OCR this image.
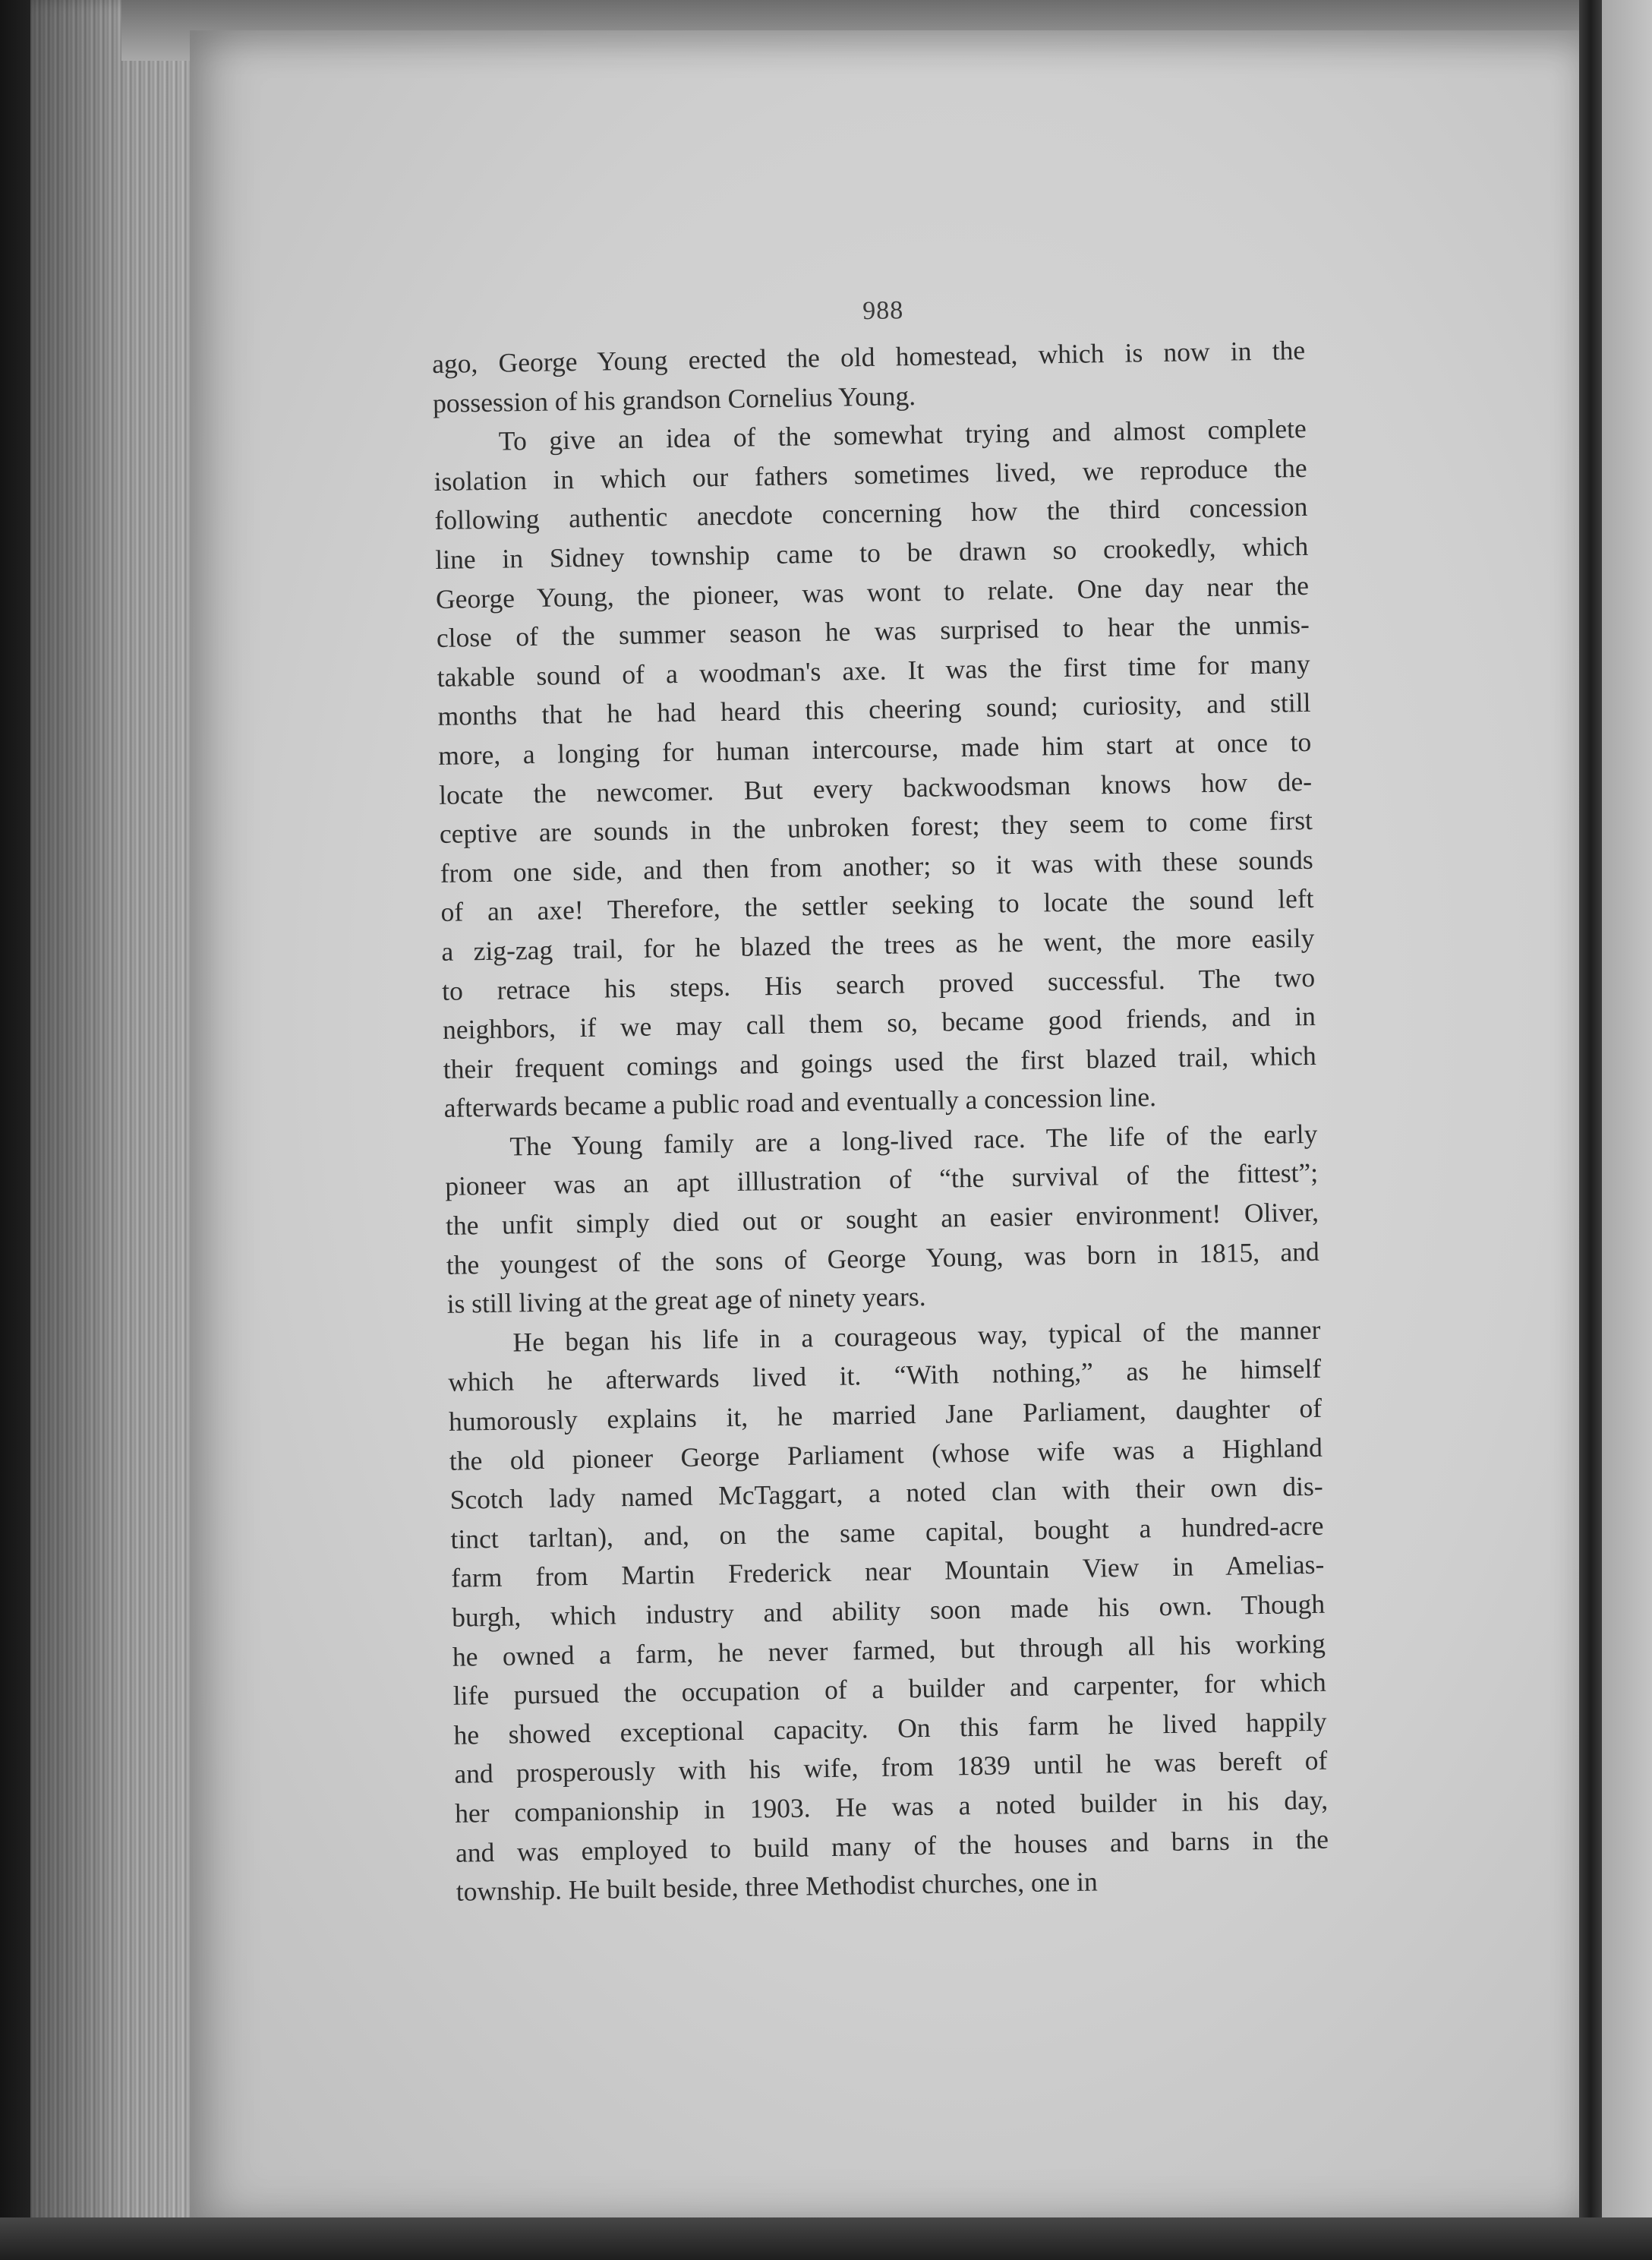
988
ago, George Young erected the old homestead, which is now in the
possession of his grandson Cornelius Young.
To give an idea of the somewhat trying and almost complete
isolation in which our fathers sometimes lived, we reproduce the
following authentic anecdote concerning how the third concession
line in Sidney township came to be drawn so crookedly, which
George Young, the pioneer, was wont to relate. One day near the
close of the summer season he was surprised to hear the unmis-
takable sound of a woodman's axe. It was the first time for many
months that he had heard this cheering sound; curiosity, and still
more, a longing for human intercourse, made him start at once to
locate the newcomer. But every backwoodsman knows how de-
ceptive are sounds in the unbroken forest; they seem to come first
from one side, and then from another; so it was with these sounds
of an axe! Therefore, the settler seeking to locate the sound left
a zig-zag trail, for he blazed the trees as he went, the more easily
to retrace his steps. His search proved successful. The two
neighbors, if we may call them so, became good friends, and in
their frequent comings and goings used the first blazed trail, which
afterwards became a public road and eventually a concession line.
The Young family are a long-lived race. The life of the early
pioneer was an apt illlustration of “the survival of the fittest”;
the unfit simply died out or sought an easier environment! Oliver,
the youngest of the sons of George Young, was born in 1815, and
is still living at the great age of ninety years.
He began his life in a courageous way, typical of the manner
which he afterwards lived it. “With nothing,” as he himself
humorously explains it, he married Jane Parliament, daughter of
the old pioneer George Parliament (whose wife was a Highland
Scotch lady named McTaggart, a noted clan with their own dis-
tinct tarltan), and, on the same capital, bought a hundred-acre
farm from Martin Frederick near Mountain View in Amelias-
burgh, which industry and ability soon made his own. Though
he owned a farm, he never farmed, but through all his working
life pursued the occupation of a builder and carpenter, for which
he showed exceptional capacity. On this farm he lived happily
and prosperously with his wife, from 1839 until he was bereft of
her companionship in 1903. He was a noted builder in his day,
and was employed to build many of the houses and barns in the
township. He built beside, three Methodist churches, one in
